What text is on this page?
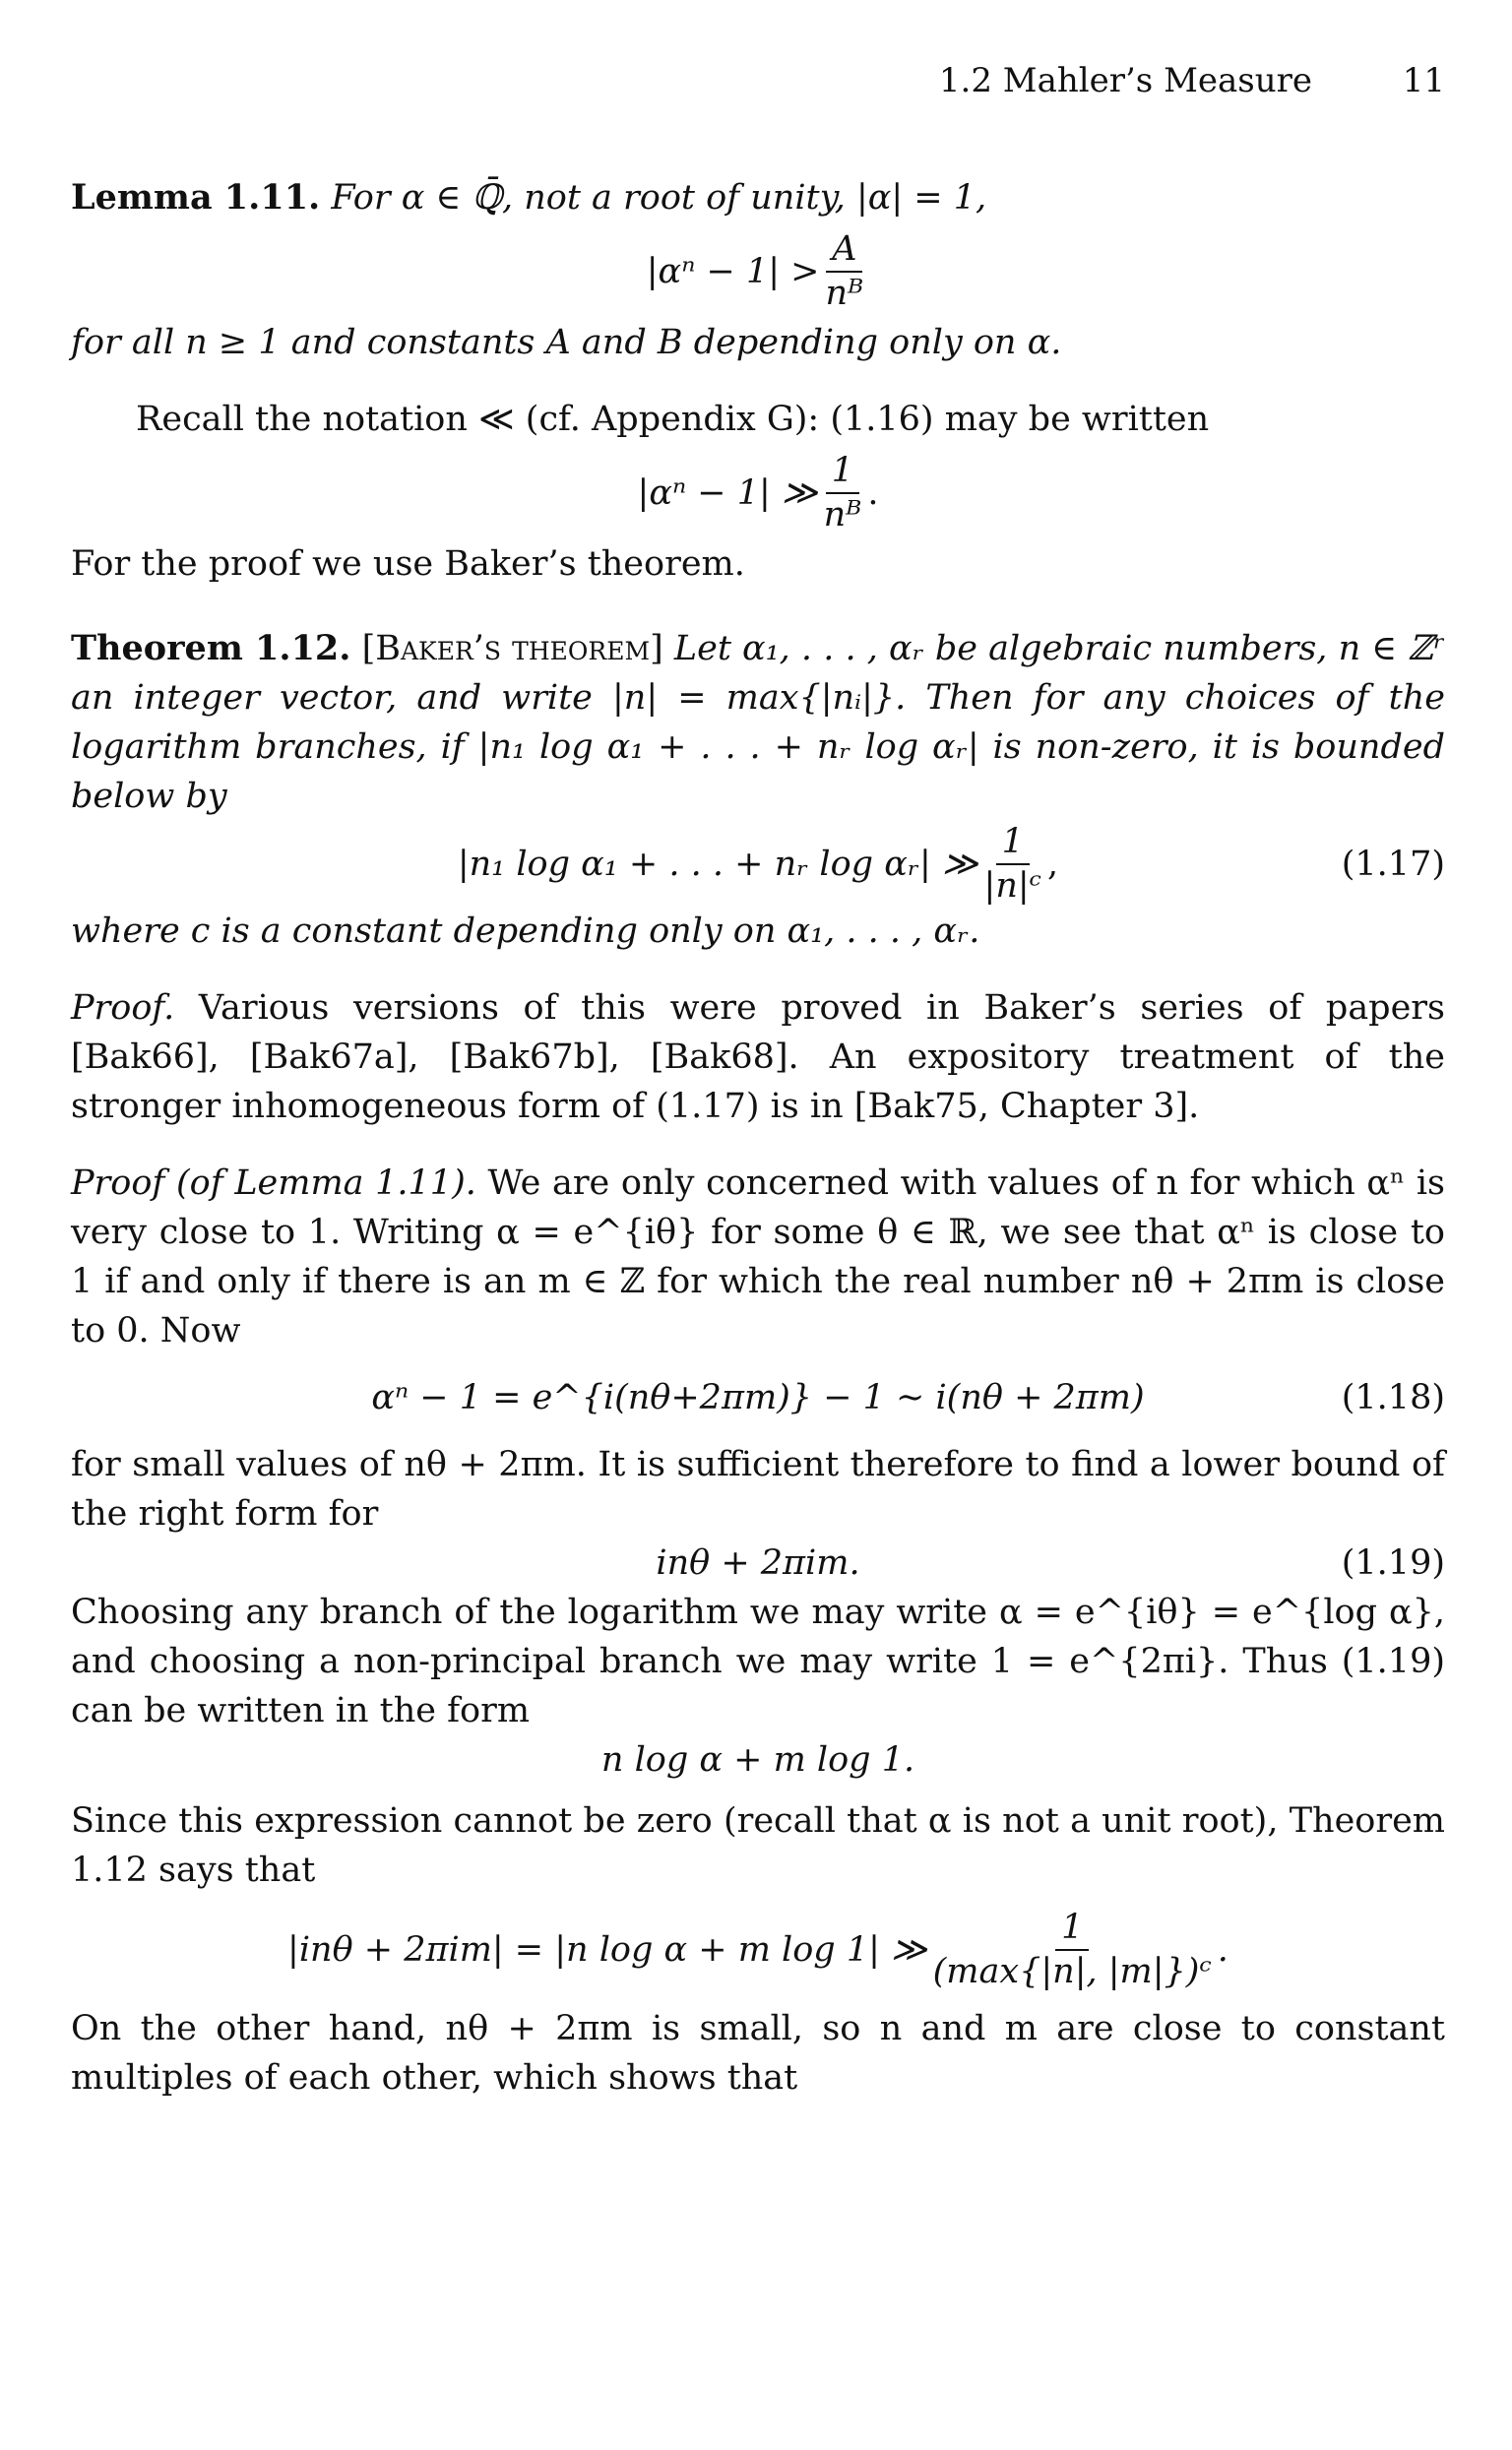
1.2 Mahler’s Measure	11

Lemma 1.11. For α ∈ ℚ̄, not a root of unity, |α| = 1,

$|\alpha^n - 1| > \frac{A}{\text{nᴮ}}$

for all n ≥ 1 and constants A and B depending only on α.

Recall the notation ≪ (cf. Appendix G): (1.16) may be written

|αⁿ − 1| ≫ $\frac{1}{\text{nᴮ}}$ .

For the proof we use Baker’s theorem.

Theorem 1.12. [Baker’s theorem] Let α₁, . . . , αᵣ be algebraic numbers, n ∈ ℤʳ an integer vector, and write |n| = max{|nᵢ|}. Then for any choices of the logarithm branches, if |n₁ log α₁ + . . . + nᵣ log αᵣ| is non-zero, it is bounded below by

|n₁ log α₁ + . . . + nᵣ log αᵣ| ≫ $\frac{1}{\text{|n|ᶜ}}$ ,	(1.17)

where c is a constant depending only on α₁, . . . , αᵣ.

Proof. Various versions of this were proved in Baker’s series of papers [Bak66], [Bak67a], [Bak67b], [Bak68]. An expository treatment of the stronger inhomogeneous form of (1.17) is in [Bak75, Chapter 3].

Proof (of Lemma 1.11). We are only concerned with values of n for which αⁿ is very close to 1. Writing α = e^{iθ} for some θ ∈ ℝ, we see that αⁿ is close to 1 if and only if there is an m ∈ ℤ for which the real number nθ + 2πm is close to 0. Now

αⁿ − 1 = e^{i(nθ+2πm)} − 1 ∼ i(nθ + 2πm)	(1.18)

for small values of nθ + 2πm. It is sufficient therefore to find a lower bound of the right form for

inθ + 2πim.	(1.19)

Choosing any branch of the logarithm we may write α = e^{iθ} = e^{log α}, and choosing a non-principal branch we may write 1 = e^{2πi}. Thus (1.19) can be written in the form

n log α + m log 1.

Since this expression cannot be zero (recall that α is not a unit root), Theorem 1.12 says that

|inθ + 2πim| = |n log α + m log 1| ≫ $\frac{1}{\text{(max\{|n|, |m|\})ᶜ}}$ .

On the other hand, nθ + 2πm is small, so n and m are close to constant multiples of each other, which shows that
